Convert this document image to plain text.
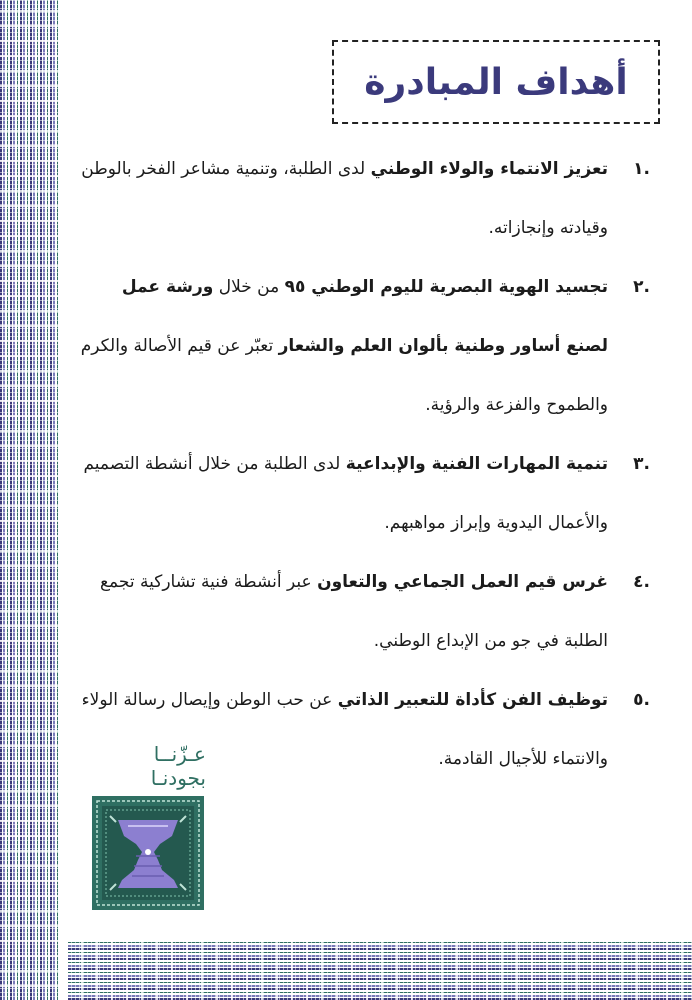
أهداف المبادرة
.١
تعزيز الانتماء والولاء الوطني لدى الطلبة، وتنمية مشاعر الفخر بالوطن وقيادته وإنجازاته.
.٢
تجسيد الهوية البصرية لليوم الوطني ٩٥ من خلال ورشة عمل لصنع أساور وطنية بألوان العلم والشعار تعبّر عن قيم الأصالة والكرم والطموح والفزعة والرؤية.
.٣
تنمية المهارات الفنية والإبداعية لدى الطلبة من خلال أنشطة التصميم والأعمال اليدوية وإبراز مواهبهم.
.٤
غرس قيم العمل الجماعي والتعاون عبر أنشطة فنية تشاركية تجمع الطلبة في جو من الإبداع الوطني.
.٥
توظيف الفن كأداة للتعبير الذاتي عن حب الوطن وإيصال رسالة الولاء والانتماء للأجيال القادمة.
عـزّنــا
بجودنـا
